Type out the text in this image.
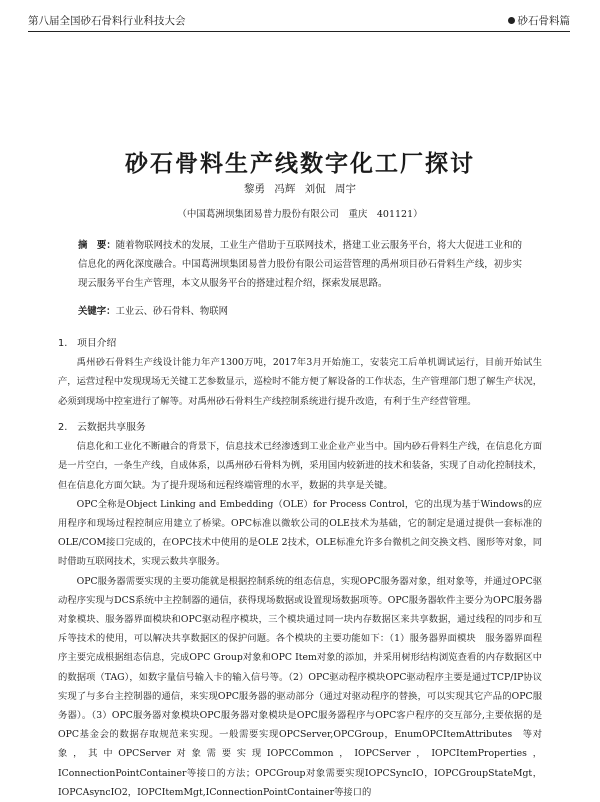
第八届全国砂石骨料行业科技大会	砂石骨料篇
砂石骨料生产线数字化工厂探讨
黎勇 冯辉 刘侃 周宇
（中国葛洲坝集团易普力股份有限公司　重庆　401121）
摘　要：随着物联网技术的发展，工业生产借助于互联网技术，搭建工业云服务平台，将大大促进工业和的信息化的两化深度融合。中国葛洲坝集团易普力股份有限公司运营管理的禹州项目砂石骨料生产线，初步实现云服务平台生产管理，本文从服务平台的搭建过程介绍，探索发展思路。
关键字：工业云、砂石骨料、物联网
1.　项目介绍

禹州砂石骨料生产线设计能力年产1300万吨，2017年3月开始施工，安装完工后单机调试运行，目前开始试生产，运营过程中发现现场无关键工艺参数显示，巡检时不能方便了解设备的工作状态，生产管理部门想了解生产状况，必须到现场中控室进行了解等。对禹州砂石骨料生产线控制系统进行提升改造，有利于生产经营管理。

2.　云数据共享服务

信息化和工业化不断融合的背景下，信息技术已经渗透到工业企业产业当中。国内砂石骨料生产线，在信息化方面是一片空白，一条生产线，自成体系，以禹州砂石骨料为例，采用国内较新进的技术和装备，实现了自动化控制技术，但在信息化方面欠缺。为了提升现场和远程终端管理的水平，数据的共享是关键。

OPC全称是Object Linking and Embedding（OLE）for Process Control，它的出现为基于Windows的应用程序和现场过程控制应用建立了桥梁。OPC标准以微软公司的OLE技术为基础，它的制定是通过提供一套标准的OLE/COM接口完成的，在OPC技术中使用的是OLE 2技术，OLE标准允许多台微机之间交换文档、图形等对象，同时借助互联网技术，实现云数共享服务。

OPC服务器需要实现的主要功能就是根据控制系统的组态信息，实现OPC服务器对象，组对象等，并通过OPC驱动程序实现与DCS系统中主控制器的通信，获得现场数据或设置现场数据项等。OPC服务器软件主要分为OPC服务器对象模块、服务器界面模块和OPC驱动程序模块，三个模块通过同一块内存数据区来共享数据，通过线程的同步和互斥等技术的使用，可以解决共享数据区的保护问题。各个模块的主要功能如下：（1）服务器界面模块　服务器界面程序主要完成根据组态信息，完成OPC Group对象和OPC Item对象的添加，并采用树形结构浏览查看的内存数据区中的数据项（TAG），如数字量信号输入卡的输入信号等。（2）OPC驱动程序模块OPC驱动程序主要是通过TCP/IP协议实现了与多台主控制器的通信，来实现OPC服务器的驱动部分（通过对驱动程序的替换，可以实现其它产品的OPC服务器）。（3）OPC服务器对象模块OPC服务器对象模块是OPC服务器程序与OPC客户程序的交互部分,主要依据的是OPC基金会的数据存取规范来实现。一般需要实现OPCServer,OPCGroup，EnumOPCItemAttributes　等对象，其中OPCServer对象需要实现IOPCCommon，IOPCServer，IOPCItemProperties，IConnectionPointContainer等接口的方法；OPCGroup对象需要实现IOPCSyncIO，IOPCGroupStateMgt，IOPCAsyncIO2，IOPCItemMgt,IConnectionPointContainer等接口的
